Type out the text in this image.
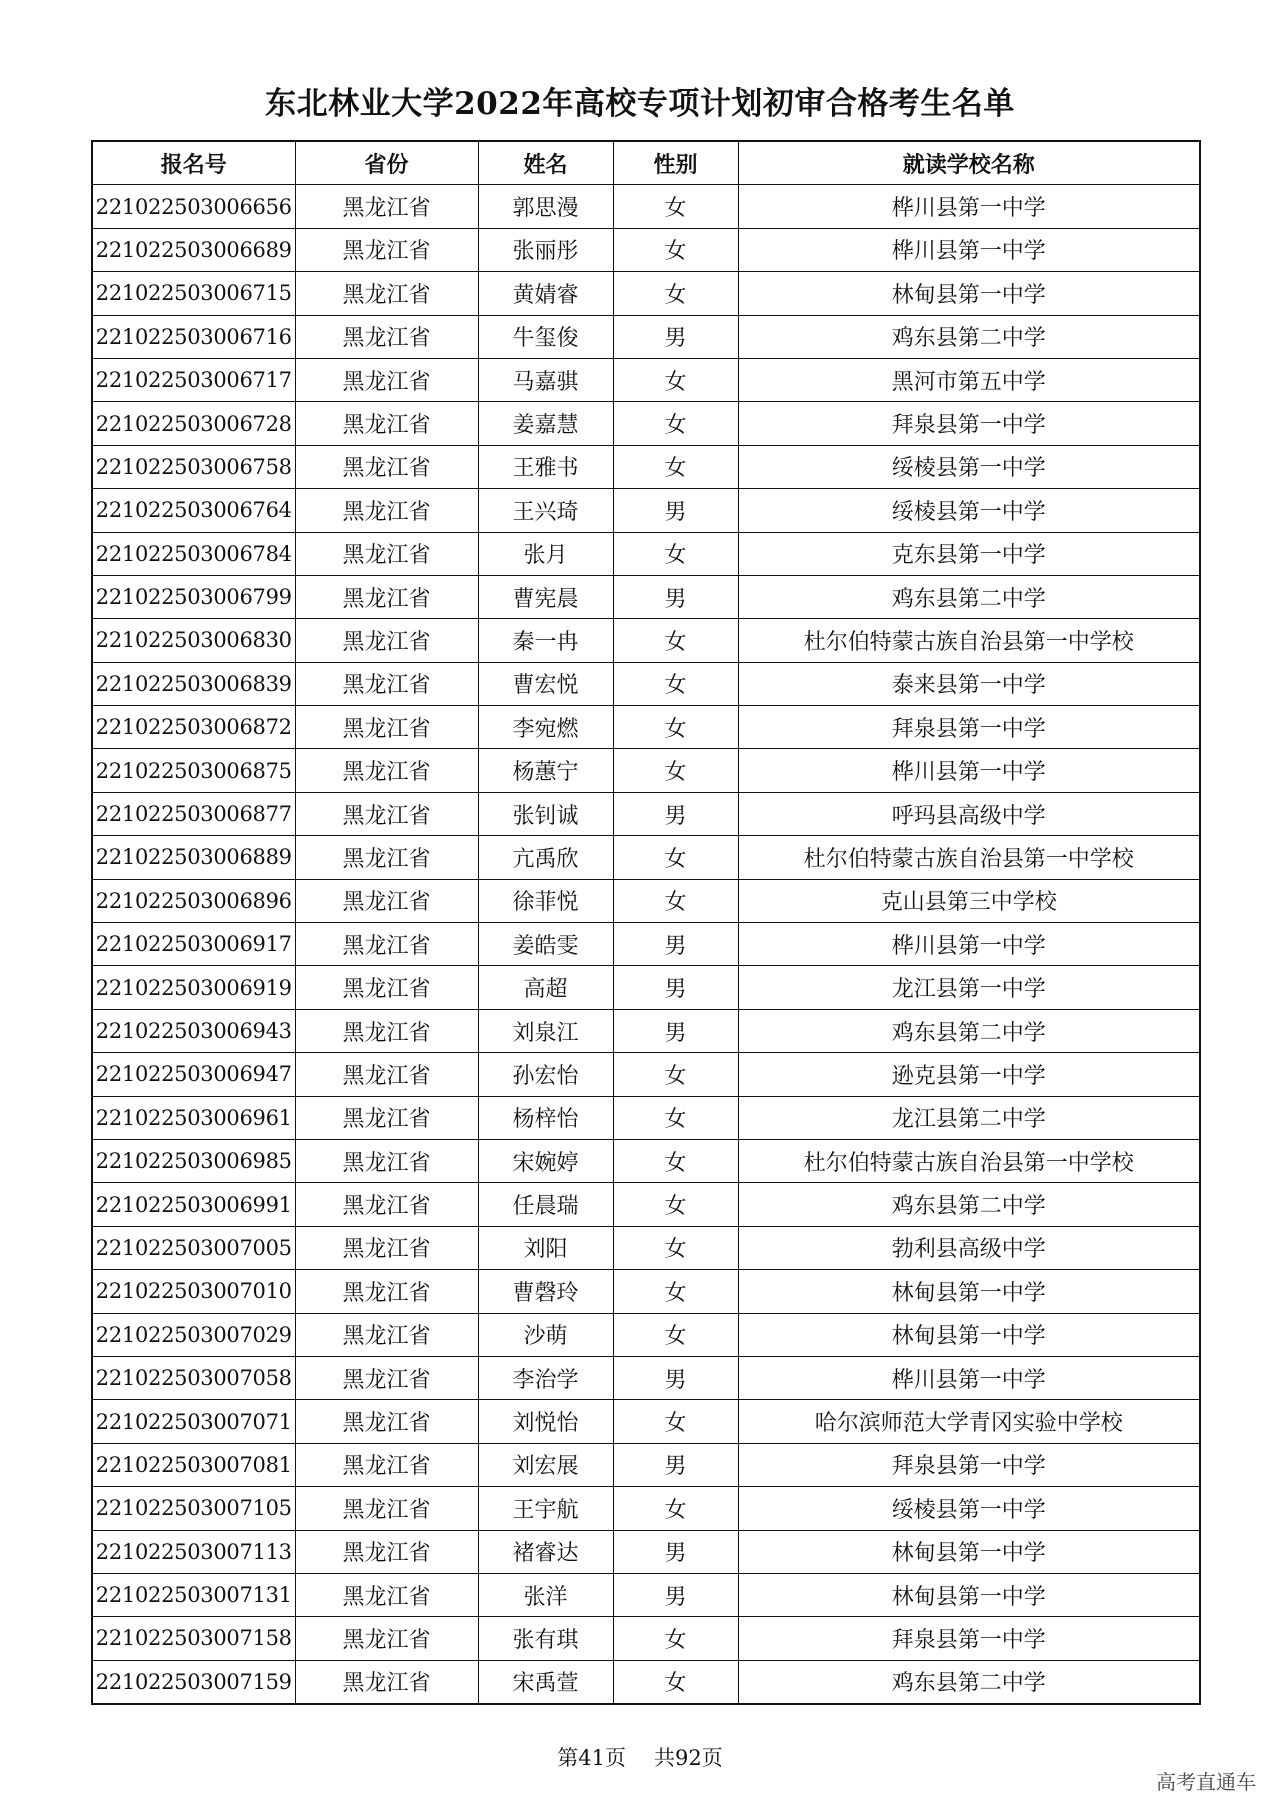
东北林业大学2022年高校专项计划初审合格考生名单
报名号	省份	姓名	性别	就读学校名称
221022503006656	黑龙江省	郭思漫	女	桦川县第一中学
221022503006689	黑龙江省	张丽彤	女	桦川县第一中学
221022503006715	黑龙江省	黄婧睿	女	林甸县第一中学
221022503006716	黑龙江省	牛玺俊	男	鸡东县第二中学
221022503006717	黑龙江省	马嘉骐	女	黑河市第五中学
221022503006728	黑龙江省	姜嘉慧	女	拜泉县第一中学
221022503006758	黑龙江省	王雅书	女	绥棱县第一中学
221022503006764	黑龙江省	王兴琦	男	绥棱县第一中学
221022503006784	黑龙江省	张月	女	克东县第一中学
221022503006799	黑龙江省	曹宪晨	男	鸡东县第二中学
221022503006830	黑龙江省	秦一冉	女	杜尔伯特蒙古族自治县第一中学校
221022503006839	黑龙江省	曹宏悦	女	泰来县第一中学
221022503006872	黑龙江省	李宛燃	女	拜泉县第一中学
221022503006875	黑龙江省	杨蕙宁	女	桦川县第一中学
221022503006877	黑龙江省	张钊诚	男	呼玛县高级中学
221022503006889	黑龙江省	亢禹欣	女	杜尔伯特蒙古族自治县第一中学校
221022503006896	黑龙江省	徐菲悦	女	克山县第三中学校
221022503006917	黑龙江省	姜皓雯	男	桦川县第一中学
221022503006919	黑龙江省	高超	男	龙江县第一中学
221022503006943	黑龙江省	刘泉江	男	鸡东县第二中学
221022503006947	黑龙江省	孙宏怡	女	逊克县第一中学
221022503006961	黑龙江省	杨梓怡	女	龙江县第二中学
221022503006985	黑龙江省	宋婉婷	女	杜尔伯特蒙古族自治县第一中学校
221022503006991	黑龙江省	任晨瑞	女	鸡东县第二中学
221022503007005	黑龙江省	刘阳	女	勃利县高级中学
221022503007010	黑龙江省	曹磬玲	女	林甸县第一中学
221022503007029	黑龙江省	沙萌	女	林甸县第一中学
221022503007058	黑龙江省	李治学	男	桦川县第一中学
221022503007071	黑龙江省	刘悦怡	女	哈尔滨师范大学青冈实验中学校
221022503007081	黑龙江省	刘宏展	男	拜泉县第一中学
221022503007105	黑龙江省	王宇航	女	绥棱县第一中学
221022503007113	黑龙江省	褚睿达	男	林甸县第一中学
221022503007131	黑龙江省	张洋	男	林甸县第一中学
221022503007158	黑龙江省	张有琪	女	拜泉县第一中学
221022503007159	黑龙江省	宋禹萱	女	鸡东县第二中学
第41页 共92页
高考直通车
